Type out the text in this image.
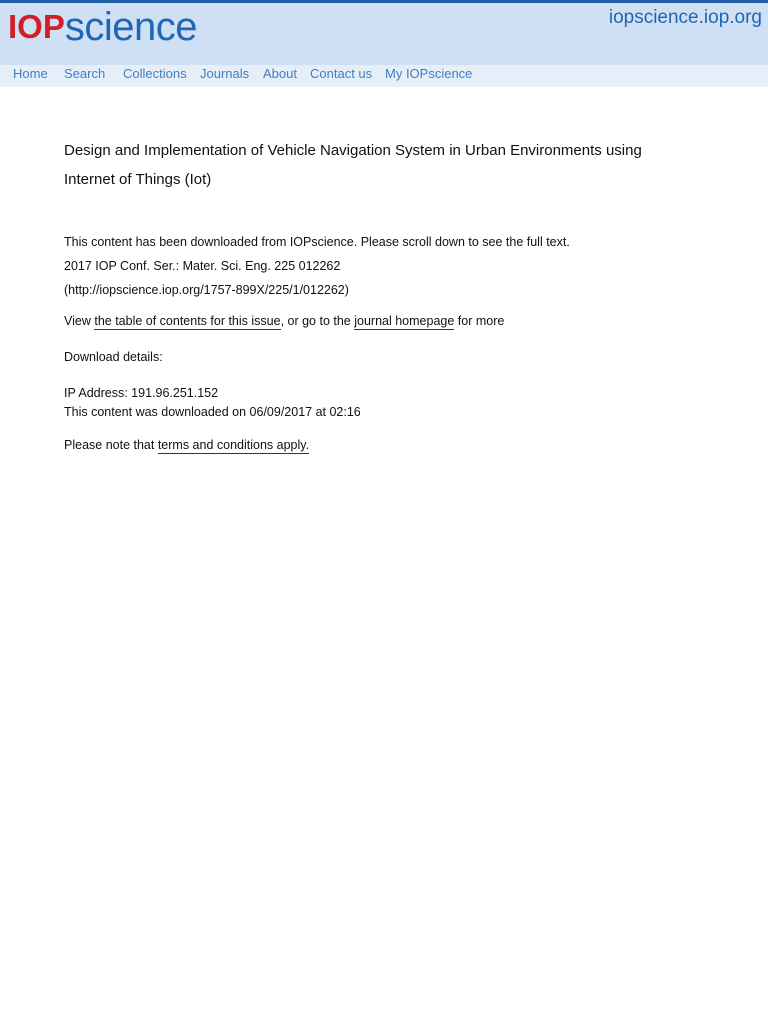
IOPscience	iopscience.iop.org
Home Search Collections Journals About Contact us My IOPscience
Design and Implementation of Vehicle Navigation System in Urban Environments using
Internet of Things (Iot)
This content has been downloaded from IOPscience. Please scroll down to see the full text.
2017 IOP Conf. Ser.: Mater. Sci. Eng. 225 012262
(http://iopscience.iop.org/1757-899X/225/1/012262)
View the table of contents for this issue, or go to the journal homepage for more
Download details:
IP Address: 191.96.251.152
This content was downloaded on 06/09/2017 at 02:16
Please note that terms and conditions apply.
